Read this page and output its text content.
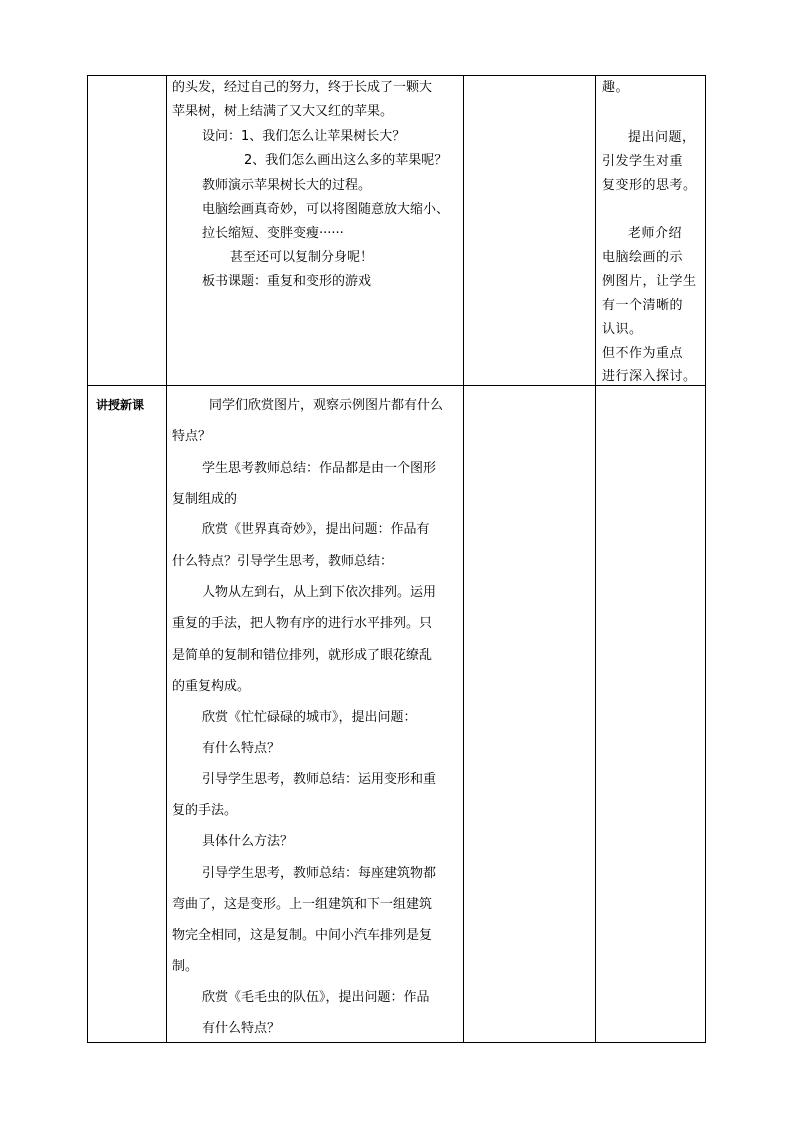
的头发，经过自己的努力，终于长成了一颗大
苹果树，树上结满了又大又红的苹果。
设问：1、我们怎么让苹果树长大？
2、我们怎么画出这么多的苹果呢？
教师演示苹果树长大的过程。
电脑绘画真奇妙，可以将图随意放大缩小、
拉长缩短、变胖变瘦······
甚至还可以复制分身呢！
板书课题：重复和变形的游戏
趣。
提出问题，
引发学生对重
复变形的思考。
老师介绍
电脑绘画的示
例图片，让学生
有一个清晰的
认识。
但不作为重点
进行深入探讨。
讲授新课	同学们欣赏图片，观察示例图片都有什么
特点？
学生思考教师总结：作品都是由一个图形
复制组成的
欣赏《世界真奇妙》，提出问题：作品有
什么特点？引导学生思考，教师总结：
人物从左到右，从上到下依次排列。运用
重复的手法，把人物有序的进行水平排列。只
是简单的复制和错位排列，就形成了眼花缭乱
的重复构成。
欣赏《忙忙碌碌的城市》，提出问题：
有什么特点？
引导学生思考，教师总结：运用变形和重
复的手法。
具体什么方法？
引导学生思考，教师总结：每座建筑物都
弯曲了，这是变形。上一组建筑和下一组建筑
物完全相同，这是复制。中间小汽车排列是复
制。
欣赏《毛毛虫的队伍》，提出问题：作品
有什么特点？
